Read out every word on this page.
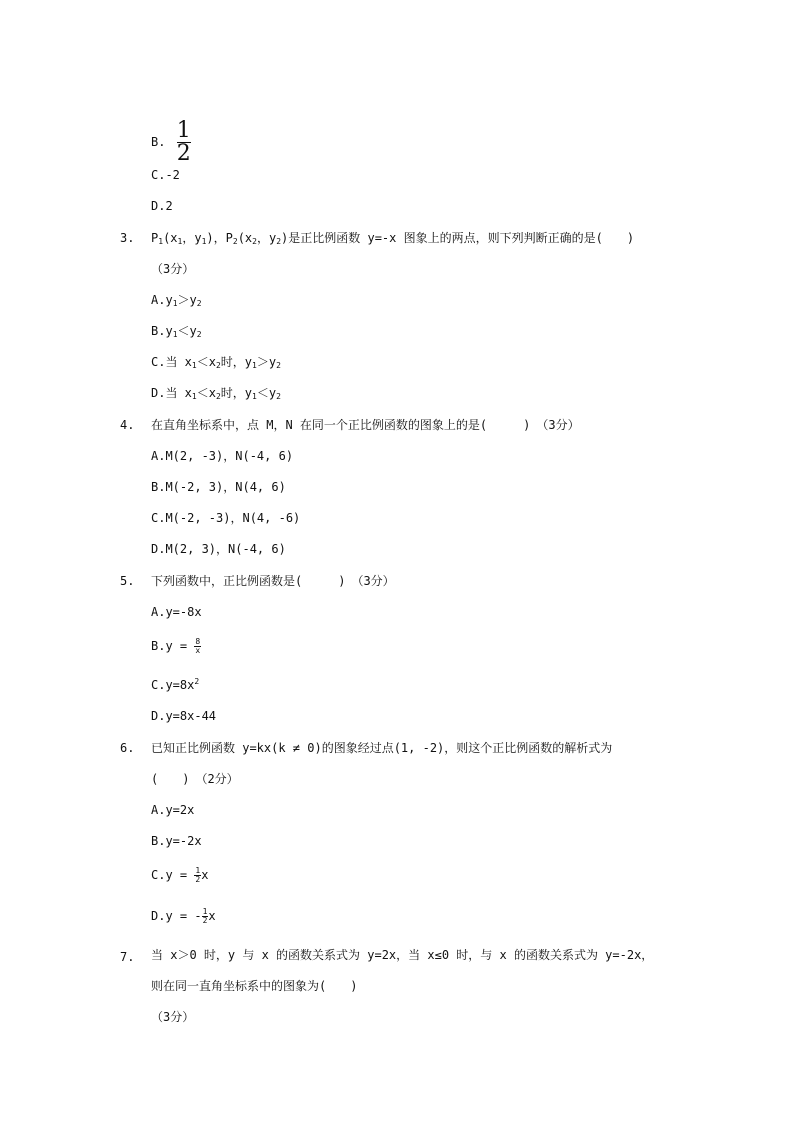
B. $\frac{1}{2}$
C.-2
D.2
3. $P_1(x_1$，$y_1$)，$P_2(x_2$，$y_2$)是正比例函数 y=-x 图象上的两点，则下列判断正确的是(　　)
（3分）
$A.y_1>y_2$
$B.y_1<y_2$
C.当 $x_1<x_2$时，$y_1>y_2$
D.当 $x_1<x_2$时，$y_1<y_2$
4. 在直角坐标系中，点 M，N 在同一个正比例函数的图象上的是(　　　)　（3分）
A.M(2, -3)，N(-4, 6)
B.M(-2, 3)，N(4, 6)
C.M(-2, -3)，N(4, -6)
D.M(2, 3)，N(-4, 6)
5. 下列函数中，正比例函数是(　　　)　（3分）
A.y=-8x
$B.y = \frac{8}{x}$
$C.y=8x^2$
D.y=8x-44
6. 已知正比例函数 y=kx(k ≠ 0)的图象经过点(1, -2)，则这个正比例函数的解析式为
(　　)　（2分）
A.y=2x
B.y=-2x
$C.y = \frac{1}{2}$ x
D.y = - $\frac{1}{2}$ x
7. 当 x＞0 时，y 与 x 的函数关系式为 y=2x，当 x≤0 时，与 x 的函数关系式为 y=-2x，
则在同一直角坐标系中的图象为(　　)
（3分）
